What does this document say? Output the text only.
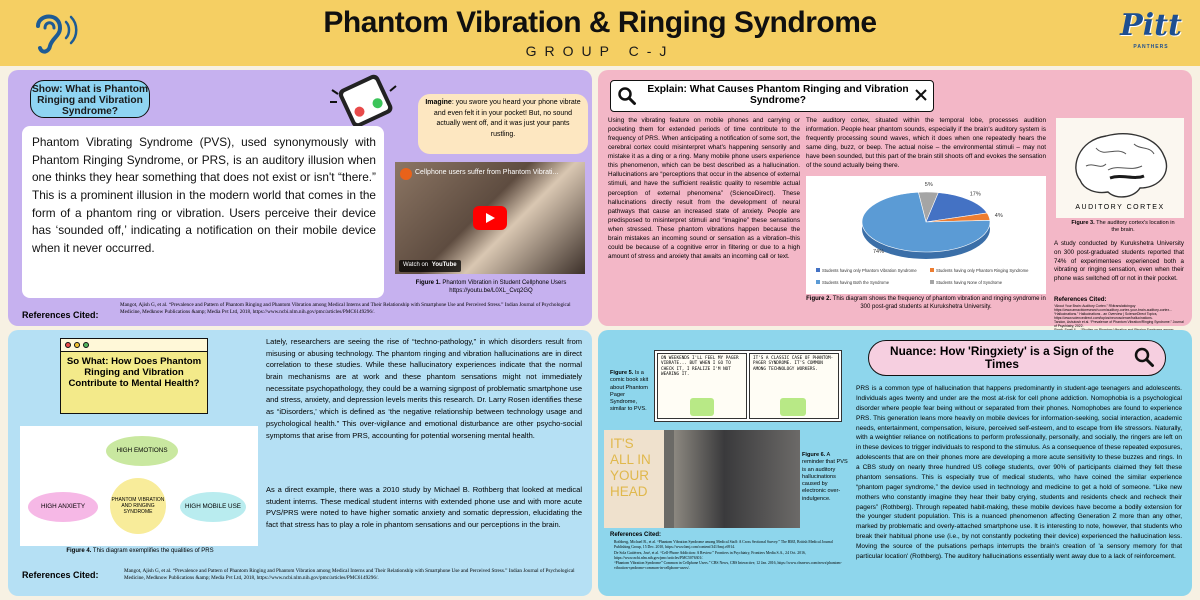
Phantom Vibration & Ringing Syndrome
GROUP C-J
Pitt
PANTHERS
Show: What is Phantom Ringing and Vibration Syndrome?
Phantom Vibrating Syndrome (PVS), used synonymously with Phantom Ringing Syndrome, or PRS, is an auditory illusion when one thinks they hear something that does not exist or isn't “there.” This is a prominent illusion in the modern world that comes in the form of a phantom ring or vibration. Users perceive their device has ‘sounded off,’ indicating a notification on their mobile device when it never occurred.
Imagine: you swore you heard your phone vibrate and even felt it in your pocket! But, no sound actually went off, and it was just your pants rustling.
Cellphone users suffer from Phantom Vibrati...
Watch on YouTube
Figure 1. Phantom Vibration in Student Cellphone Users https://youtu.be/L0XL_Cvq2GQ
References Cited:
Mangot, Ajish G, et al. “Prevalence and Pattern of Phantom Ringing and Phantom Vibration among Medical Interns and Their Relationship with Smartphone Use and Perceived Stress.” Indian Journal of Psychological Medicine, Medknow Publications &amp; Media Pvt Ltd, 2018, https://www.ncbi.nlm.nih.gov/pmc/articles/PMC6149296/.
Explain: What Causes Phantom Ringing and Vibration Syndrome?
Using the vibrating feature on mobile phones and carrying or pocketing them for extended periods of time contribute to the frequency of PRS. When anticipating a notification of some sort, the cerebral cortex could misinterpret what's happening sensorily and mistake it as a ding or a ring. Many mobile phone users experience this phenomenon, which can be best described as a hallucination. Hallucinations are “perceptions that occur in the absence of external stimuli, and have the sufficient realistic quality to resemble actual perception of external phenomena” (ScienceDirect). These hallucinations directly result from the development of neural pathways that cause an increased state of anxiety. People are predisposed to misinterpret stimuli and “imagine” these sensations when stressed. These phantom vibrations happen because the brain mistakes an incoming sound or sensation as a vibration–this could be because of a cognitive error in filtering or due to a high amount of stress and anxiety that awaits an incoming call or text.
The auditory cortex, situated within the temporal lobe, processes audition information. People hear phantom sounds, especially if the brain's auditory system is frequently processing sound waves, which it does when one repeatedly hears the same ding, buzz, or beep. The actual noise – the environmental stimuli – may not have been sounded, but this part of the brain still shoots off and evokes the sensation of the sound actually being there.
5%
17%
4%
74%
Students having only Phantom Vibration Syndrome	Students having only Phantom Ringing Syndrome
Students having Both the Syndrome	Students having None of Syndrome
Figure 2. This diagram shows the frequency of phantom vibration and ringing syndrome in 300 post-grad students at Kurukshetra University.
AUDITORY CORTEX
Figure 3. The auditory cortex's location in the brain.
A study conducted by Kurukshetra University on 300 post-graduated students reported that 74% of experimentees experienced both a vibrating or ringing sensation, even when their phone was switched off or not in their pocket.
References Cited:
“About Your Brain: Auditory Cortex.” RNtranslatioinguy https://www.arnacbioresearch.com/auditory-cortex-your-brain-auditory-cortex...
“Hallucinations.” Hallucinations - an Overview | ScienceDirect Topics, https://www.sciencedirect.com/topics/neuroscience/hallucinations.
Tandon, Ashutosh et al. “Prevalence of Phantom Vibration/Ringing Syndrome.” Journal of Psychiatry, 2022.
So What: How Does Phantom Ringing and Vibration Contribute to Mental Health?
HIGH EMOTIONS
HIGH ANXIETY
PHANTOM VIBRATION AND RINGING SYNDROME
HIGH MOBILE USE
Figure 4. This diagram exemplifies the qualities of PRS
Lately, researchers are seeing the rise of “techno-pathology,” in which disorders result from misusing or abusing technology. The phantom ringing and vibration hallucinations are in direct correlation to these studies. While these hallucinatory experiences indicate that the normal brain mechanisms are at work and these phantom sensations might not immediately necessitate psychopathology, they could be a warning signpost of problematic smartphone use and stress, anxiety, and depression levels merits this research. Dr. Larry Rosen identifies these as “iDisorders,’ which is defined as ‘the negative relationship between technology usage and psychological health.” This over-vigilance and emotional disturbance are other psycho-social symptoms that arise from PRS, accounting for potential worsening mental health.
As a direct example, there was a 2010 study by Michael B. Rothberg that looked at medical student interns. These medical student interns with extended phone use and with more acute PVS/PRS were noted to have higher somatic anxiety and somatic depression, elucidating the fact that stress has to play a role in phantom sensations and our perceptions in the brain.
References Cited:	Mangot, Ajish G, et al. “Prevalence and Pattern of Phantom Ringing and Phantom Vibration among Medical Interns and Their Relationship with Smartphone Use and Perceived Stress.” Indian Journal of Psychological Medicine, Medknow Publications &amp; Media Pvt Ltd, 2018, https://www.ncbi.nlm.nih.gov/pmc/articles/PMC6149296/.
ON WEEKENDS I'LL FEEL MY PAGER VIBRATE... BUT WHEN I GO TO CHECK IT, I REALIZE I'M NOT WEARING IT.
IT'S A CLASSIC CASE OF PHANTOM-PAGER SYNDROME. IT'S COMMON AMONG TECHNOLOGY WORKERS.
Figure 5. Is a comic book skit about Phantom Pager Syndrome, similar to PVS.
IT'S ALL IN YOUR HEAD
Figure 6. A reminder that PVS is an auditory hallucinations caused by electronic over-indulgence.
References Cited:
Rothberg, Michael B., et al. “Phantom Vibration Syndrome among Medical Staff: A Cross Sectional Survey.” The BMJ, British Medical Journal Publishing Group, 15 Dec. 2010, https://www.bmj.com/content/341/bmj.c6914.
De Sola Gutiérrez, José, et al. “Cell-Phone Addiction: A Review.” Frontiers in Psychiatry, Frontiers Media S.A., 24 Oct. 2016, https://www.ncbi.nlm.nih.gov/pmc/articles/PMC5076301/.
“Phantom Vibration Syndrome” Common in Cellphone Users.” CBS News, CBS Interactive, 12 Jan. 2016, https://www.cbsnews.com/news/phantom-vibration-syndrome-common-in-cellphone-users/.
Nuance: How 'Ringxiety' is a Sign of the Times
PRS is a common type of hallucination that happens predominantly in student-age teenagers and adolescents. Individuals ages twenty and under are the most at-risk for cell phone addiction. Nomophobia is a psychological disorder where people fear being without or separated from their phones. Nomophobes are found to experience PRS. This generation leans more heavily on mobile devices for information-seeking, social interaction, academic needs, entertainment, compensation, leisure, perceived self-esteem, and to escape from life stressors. Naturally, with a weightier reliance on notifications to perform professionally, personally, and socially, the ringers are left on in these devices to trigger individuals to respond to the stimulus. As a consequence of these repeated exposures, adolescents that are on their phones more are developing a more acute sensitivity to these buzzes and rings. In a CBS study on nearly three hundred US college students, over 90% of participants claimed they felt these phantom sensations. This is especially true of medical students, who have coined the similar experience “phantom pager syndrome,” the device used in technology and medicine to get a hold of someone. “Like new mothers who constantly imagine they hear their baby crying, students and residents check and recheck their pagers” (Rothberg). Through repeated habit-making, these mobile devices have become a bodily extension for the younger student population. This is a nuanced phenomenon affecting Generation Z more than any other, marked by problematic and overly-attached smartphone use. It is interesting to note, however, that students who break their habitual phone use (i.e., by not constantly pocketing their device) experienced the hallucination less. Moving the source of the pulsations perhaps interrupts the brain's creation of 'a sensory memory for that particular location' (Rothberg). The auditory hallucinations essentially went away due to a lack of reinforcement.
